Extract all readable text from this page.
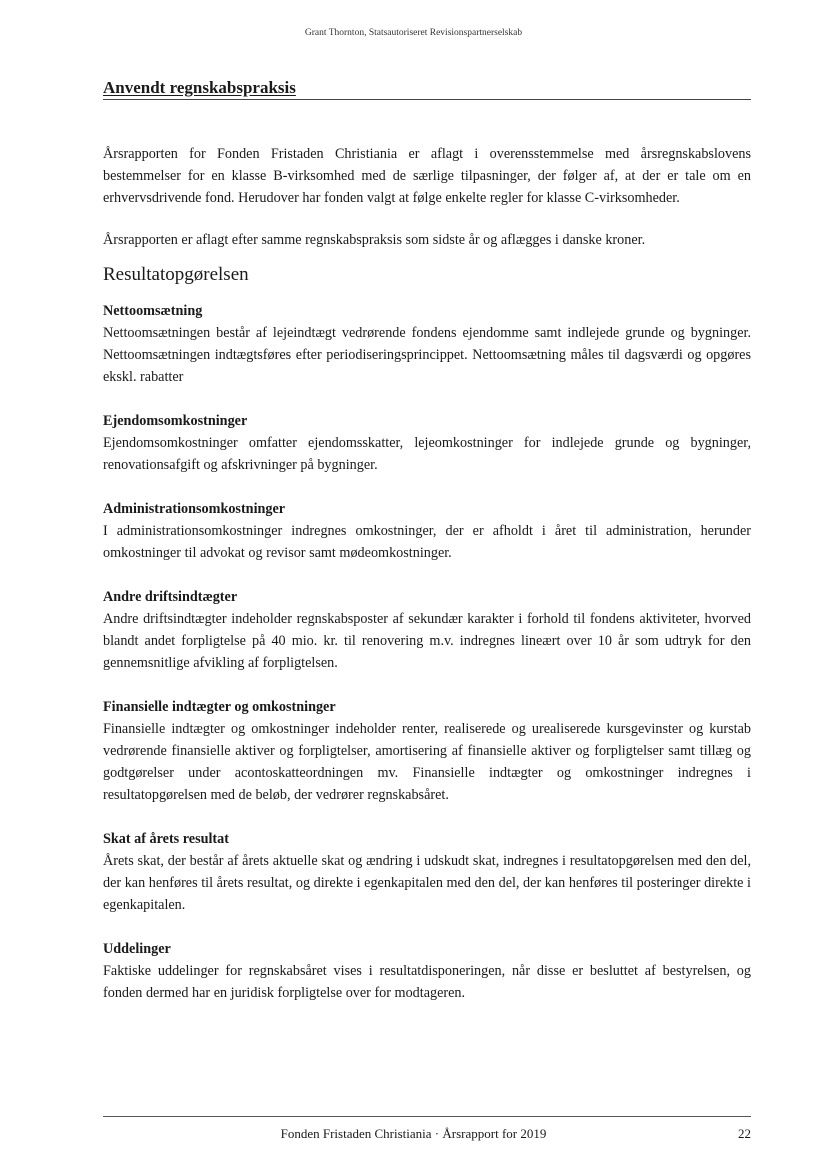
Grant Thornton, Statsautoriseret Revisionspartnerselskab
Anvendt regnskabspraksis

Årsrapporten for Fonden Fristaden Christiania er aflagt i overensstemmelse med årsregnskabslovens bestemmelser for en klasse B-virksomhed med de særlige tilpasninger, der følger af, at der er tale om en erhvervsdrivende fond. Herudover har fonden valgt at følge enkelte regler for klasse C-virksomheder.

Årsrapporten er aflagt efter samme regnskabspraksis som sidste år og aflægges i danske kroner.

Resultatopgørelsen
Nettoomsætning

Nettoomsætningen består af lejeindtægt vedrørende fondens ejendomme samt indlejede grunde og bygninger. Nettoomsætningen indtægtsføres efter periodiseringsprincippet. Nettoomsætning måles til dagsværdi og opgøres ekskl. rabatter

Ejendomsomkostninger

Ejendomsomkostninger omfatter ejendomsskatter, lejeomkostninger for indlejede grunde og bygninger, renovationsafgift og afskrivninger på bygninger.

Administrationsomkostninger

I administrationsomkostninger indregnes omkostninger, der er afholdt i året til administration, herunder omkostninger til advokat og revisor samt mødeomkostninger.

Andre driftsindtægter

Andre driftsindtægter indeholder regnskabsposter af sekundær karakter i forhold til fondens aktiviteter, hvorved blandt andet forpligtelse på 40 mio. kr. til renovering m.v. indregnes lineært over 10 år som udtryk for den gennemsnitlige afvikling af forpligtelsen.

Finansielle indtægter og omkostninger

Finansielle indtægter og omkostninger indeholder renter, realiserede og urealiserede kursgevinster og kurstab vedrørende finansielle aktiver og forpligtelser, amortisering af finansielle aktiver og forpligtelser samt tillæg og godtgørelser under acontoskatteordningen mv. Finansielle indtægter og omkostninger indregnes i resultatopgørelsen med de beløb, der vedrører regnskabsåret.

Skat af årets resultat

Årets skat, der består af årets aktuelle skat og ændring i udskudt skat, indregnes i resultatopgørelsen med den del, der kan henføres til årets resultat, og direkte i egenkapitalen med den del, der kan henføres til posteringer direkte i egenkapitalen.

Uddelinger

Faktiske uddelinger for regnskabsåret vises i resultatdisponeringen, når disse er besluttet af bestyrelsen, og fonden dermed har en juridisk forpligtelse over for modtageren.

Fonden Fristaden Christiania · Årsrapport for 2019	22
